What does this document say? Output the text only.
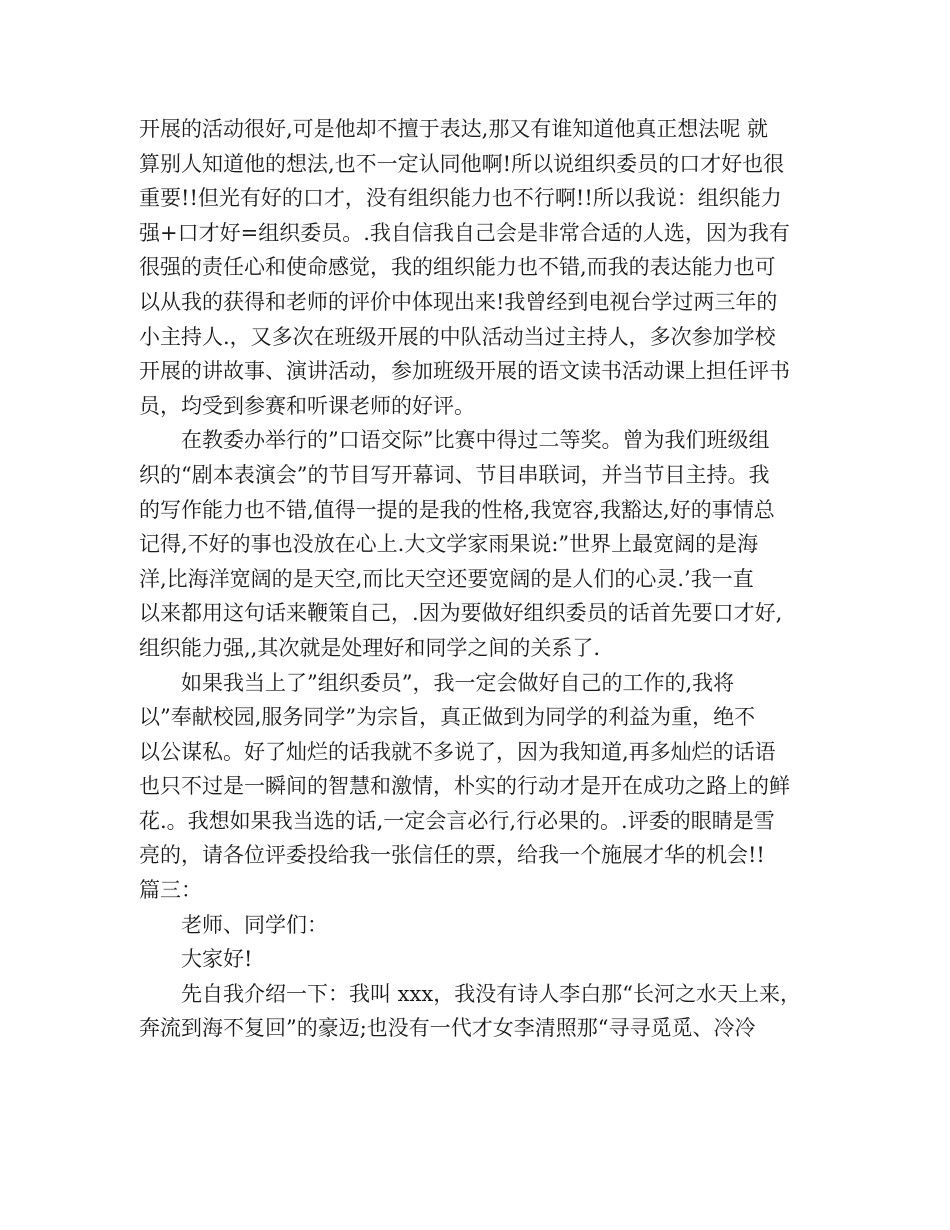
开展的活动很好,可是他却不擅于表达,那又有谁知道他真正想法呢 就
算别人知道他的想法,也不一定认同他啊!所以说组织委员的口才好也很
重要!!但光有好的口才，没有组织能力也不行啊!!所以我说：组织能力
强+口才好=组织委员。.我自信我自己会是非常合适的人选，因为我有
很强的责任心和使命感觉，我的组织能力也不错,而我的表达能力也可
以从我的获得和老师的评价中体现出来!我曾经到电视台学过两三年的
小主持人.，又多次在班级开展的中队活动当过主持人，多次参加学校
开展的讲故事、演讲活动，参加班级开展的语文读书活动课上担任评书
员，均受到参赛和听课老师的好评。
在教委办举行的”口语交际”比赛中得过二等奖。曾为我们班级组
织的“剧本表演会”的节目写开幕词、节目串联词，并当节目主持。我
的写作能力也不错,值得一提的是我的性格,我宽容,我豁达,好的事情总
记得,不好的事也没放在心上.大文学家雨果说:”世界上最宽阔的是海
洋,比海洋宽阔的是天空,而比天空还要宽阔的是人们的心灵.’我一直
以来都用这句话来鞭策自己，.因为要做好组织委员的话首先要口才好,
组织能力强,,其次就是处理好和同学之间的关系了.
如果我当上了”组织委员”，我一定会做好自己的工作的,我将
以”奉献校园,服务同学”为宗旨，真正做到为同学的利益为重，绝不
以公谋私。好了灿烂的话我就不多说了，因为我知道,再多灿烂的话语
也只不过是一瞬间的智慧和激情，朴实的行动才是开在成功之路上的鲜
花.。我想如果我当选的话,一定会言必行,行必果的。.评委的眼睛是雪
亮的，请各位评委投给我一张信任的票，给我一个施展才华的机会!!
篇三：
老师、同学们：
大家好!
先自我介绍一下：我叫 xxx，我没有诗人李白那“长河之水天上来，
奔流到海不复回”的豪迈;也没有一代才女李清照那“寻寻觅觅、冷冷
